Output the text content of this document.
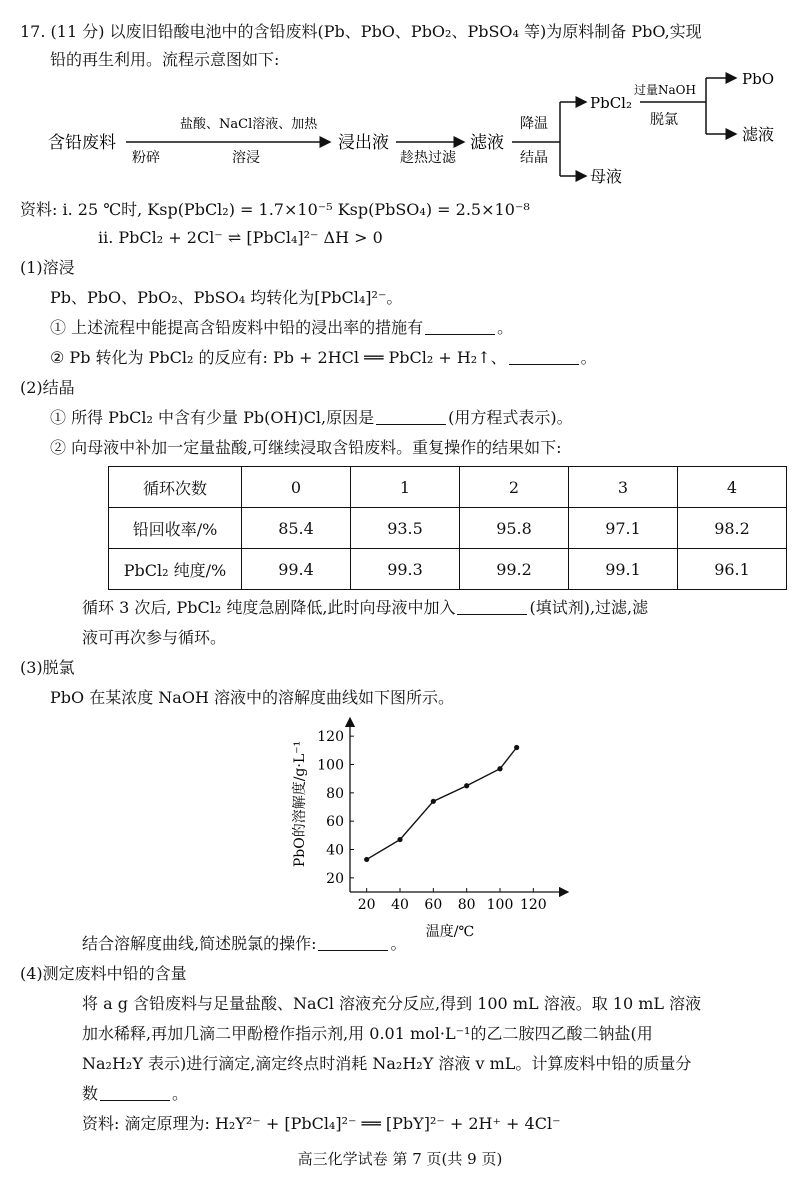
17. (11 分) 以废旧铅酸电池中的含铅废料(Pb、PbO、PbO₂、PbSO₄ 等)为原料制备 PbO,实现
铅的再生利用。流程示意图如下:
含铅废料
盐酸、NaCl溶液、加热
粉碎	溶浸
浸出液
趁热过滤
滤液
降温
结晶
PbCl₂
母液
过量NaOH
脱氯
PbO
滤液
资料: i. 25 ℃时, Ksp(PbCl₂) = 1.7×10⁻⁵ Ksp(PbSO₄) = 2.5×10⁻⁸
ii. PbCl₂ + 2Cl⁻ ⇌ [PbCl₄]²⁻ ΔH > 0
(1)溶浸
Pb、PbO、PbO₂、PbSO₄ 均转化为[PbCl₄]²⁻。
① 上述流程中能提高含铅废料中铅的浸出率的措施有	。
② Pb 转化为 PbCl₂ 的反应有: Pb + 2HCl ══ PbCl₂ + H₂↑、	。
(2)结晶
① 所得 PbCl₂ 中含有少量 Pb(OH)Cl,原因是	(用方程式表示)。
② 向母液中补加一定量盐酸,可继续浸取含铅废料。重复操作的结果如下:
循环次数	0	1	2	3	4
铅回收率/%	85.4	93.5	95.8	97.1	98.2
PbCl₂ 纯度/%	99.4	99.3	99.2	99.1	96.1
循环 3 次后, PbCl₂ 纯度急剧降低,此时向母液中加入	(填试剂),过滤,滤
液可再次参与循环。
(3)脱氯
PbO 在某浓度 NaOH 溶液中的溶解度曲线如下图所示。
20 40 60 80 100 120
20
40
60
80
100
120
温度/℃
PbO的溶解度/g·L⁻¹
结合溶解度曲线,简述脱氯的操作:	。
(4)测定废料中铅的含量
将 a g 含铅废料与足量盐酸、NaCl 溶液充分反应,得到 100 mL 溶液。取 10 mL 溶液
加水稀释,再加几滴二甲酚橙作指示剂,用 0.01 mol·L⁻¹的乙二胺四乙酸二钠盐(用
Na₂H₂Y 表示)进行滴定,滴定终点时消耗 Na₂H₂Y 溶液 v mL。计算废料中铅的质量分
数	。
资料: 滴定原理为: H₂Y²⁻ + [PbCl₄]²⁻ ══ [PbY]²⁻ + 2H⁺ + 4Cl⁻
高三化学试卷 第 7 页(共 9 页)
